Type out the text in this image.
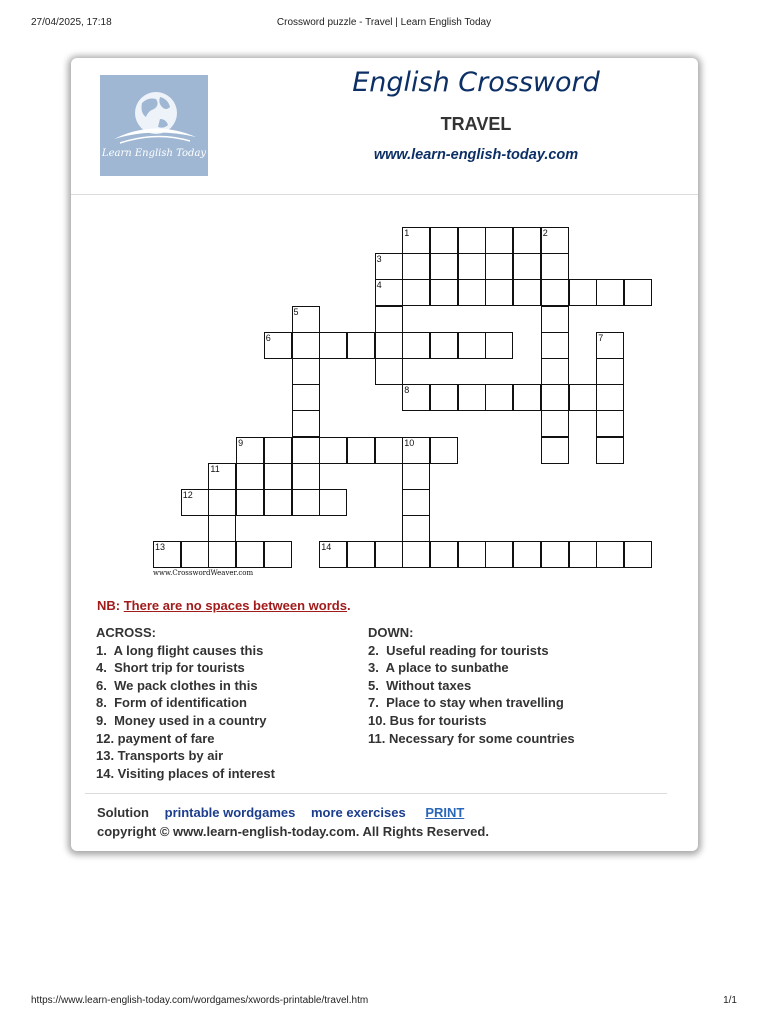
27/04/2025, 17:18	Crossword puzzle - Travel | Learn English Today
Learn English Today
English Crossword
TRAVEL
www.learn-english-today.com
1	2
3
4
5
6	7
8
9	10
11
12
13	14
www.CrosswordWeaver.com
NB: There are no spaces between words.
ACROSS:
1.  A long flight causes this
4.  Short trip for tourists
6.  We pack clothes in this
8.  Form of identification
9.  Money used in a country
12. payment of fare
13. Transports by air
14. Visiting places of interest
DOWN:
2.  Useful reading for tourists
3.  A place to sunbathe
5.  Without taxes
7.  Place to stay when travelling
10. Bus for tourists
11. Necessary for some countries
Solution printable wordgames more exercises PRINT
copyright © www.learn-english-today.com. All Rights Reserved.
https://www.learn-english-today.com/wordgames/xwords-printable/travel.htm	1/1
